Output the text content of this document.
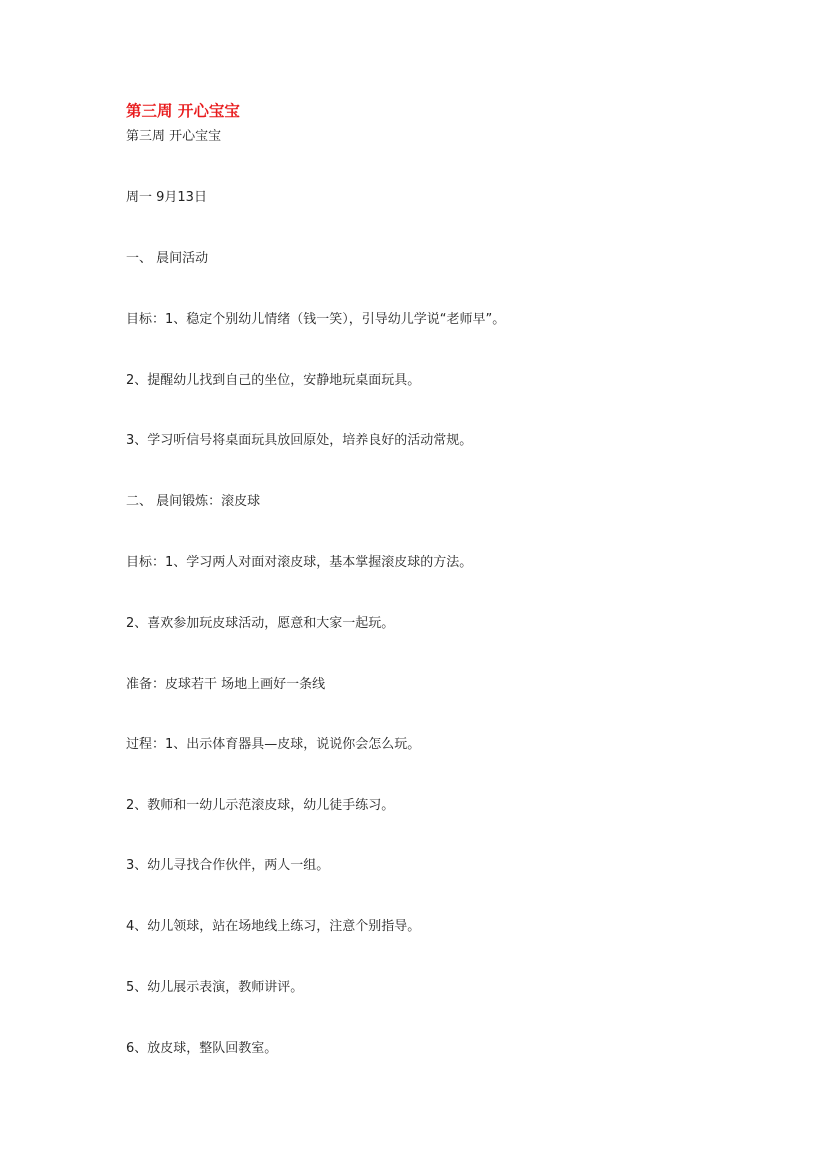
第三周 开心宝宝
第三周 开心宝宝
周一 9月13日
一、 晨间活动
目标：1、稳定个别幼儿情绪（钱一笑），引导幼儿学说“老师早”。
2、提醒幼儿找到自己的坐位，安静地玩桌面玩具。
3、学习听信号将桌面玩具放回原处，培养良好的活动常规。
二、 晨间锻炼：滚皮球
目标：1、学习两人对面对滚皮球，基本掌握滚皮球的方法。
2、喜欢参加玩皮球活动，愿意和大家一起玩。
准备：皮球若干 场地上画好一条线
过程：1、出示体育器具—皮球，说说你会怎么玩。
2、教师和一幼儿示范滚皮球，幼儿徒手练习。
3、幼儿寻找合作伙伴，两人一组。
4、幼儿领球，站在场地线上练习，注意个别指导。
5、幼儿展示表演，教师讲评。
6、放皮球，整队回教室。
